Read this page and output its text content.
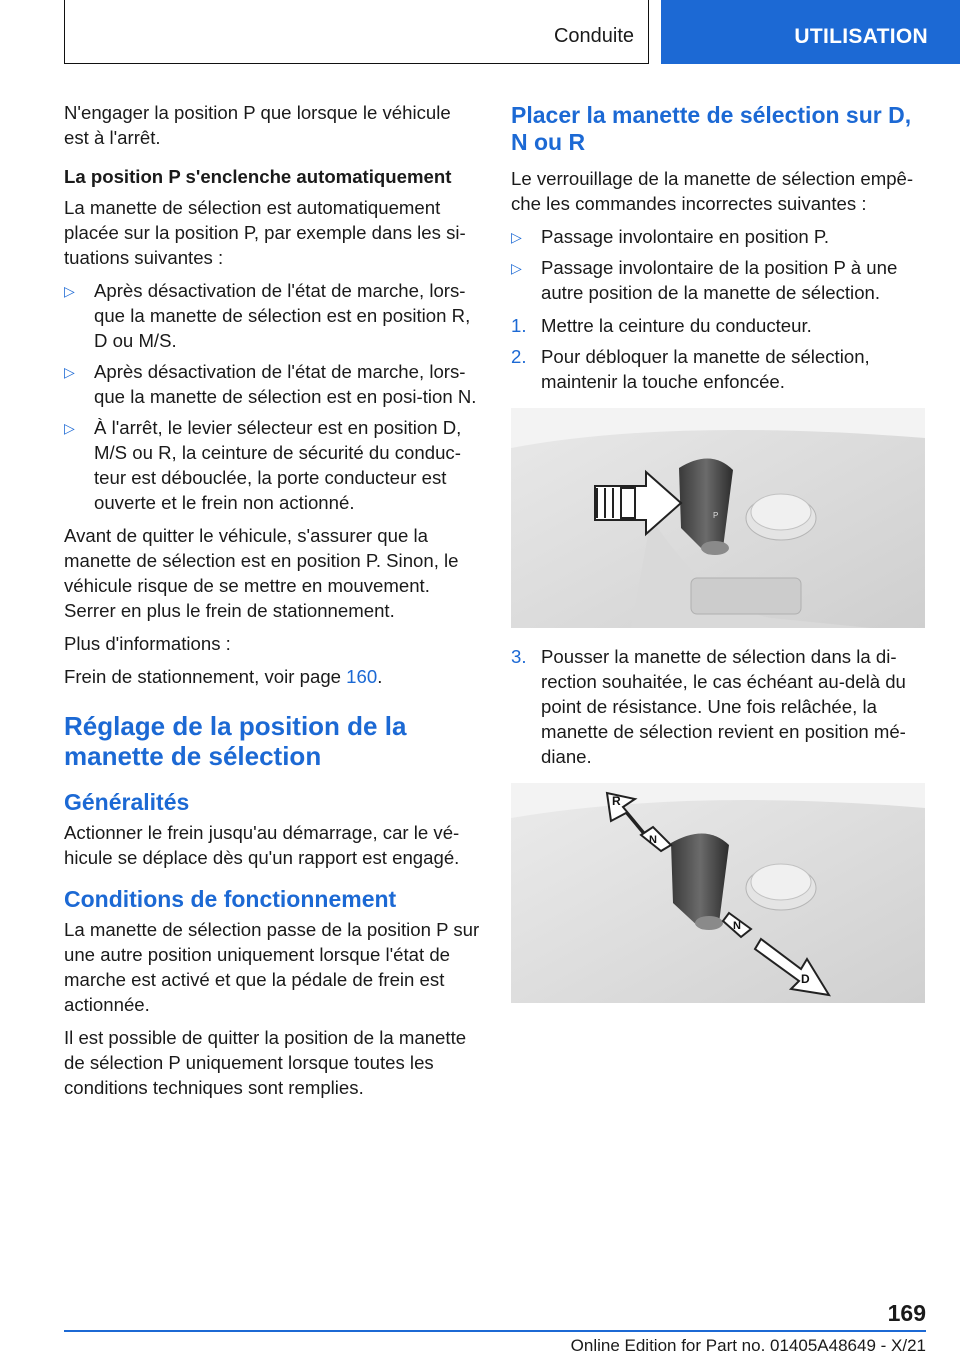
Conduite	UTILISATION

N'engager la position P que lorsque le véhicule est à l'arrêt.

La position P s'enclenche automatiquement

La manette de sélection est automatiquement placée sur la position P, par exemple dans les si-tuations suivantes :

▷ Après désactivation de l'état de marche, lors-que la manette de sélection est en position R, D ou M/S.
▷ Après désactivation de l'état de marche, lors-que la manette de sélection est en posi-tion N.
▷ À l'arrêt, le levier sélecteur est en position D, M/S ou R, la ceinture de sécurité du conduc-teur est débouclée, la porte conducteur est ouverte et le frein non actionné.

Avant de quitter le véhicule, s'assurer que la manette de sélection est en position P. Sinon, le véhicule risque de se mettre en mouvement. Serrer en plus le frein de stationnement.

Plus d'informations :

Frein de stationnement, voir page 160.

Réglage de la position de la manette de sélection
Généralités

Actionner le frein jusqu'au démarrage, car le vé-hicule se déplace dès qu'un rapport est engagé.

Conditions de fonctionnement

La manette de sélection passe de la position P sur une autre position uniquement lorsque l'état de marche est activé et que la pédale de frein est actionnée.

Il est possible de quitter la position de la manette de sélection P uniquement lorsque toutes les conditions techniques sont remplies.

Placer la manette de sélection sur D, N ou R

Le verrouillage de la manette de sélection empê-che les commandes incorrectes suivantes :

▷ Passage involontaire en position P.
▷ Passage involontaire de la position P à une autre position de la manette de sélection.
1. Mettre la ceinture du conducteur.
2. Pour débloquer la manette de sélection, maintenir la touche enfoncée.
P
3. Pousser la manette de sélection dans la di-rection souhaitée, le cas échéant au-delà du point de résistance. Une fois relâchée, la manette de sélection revient en position mé-diane.
R
N
N
D
169
Online Edition for Part no. 01405A48649 - X/21
